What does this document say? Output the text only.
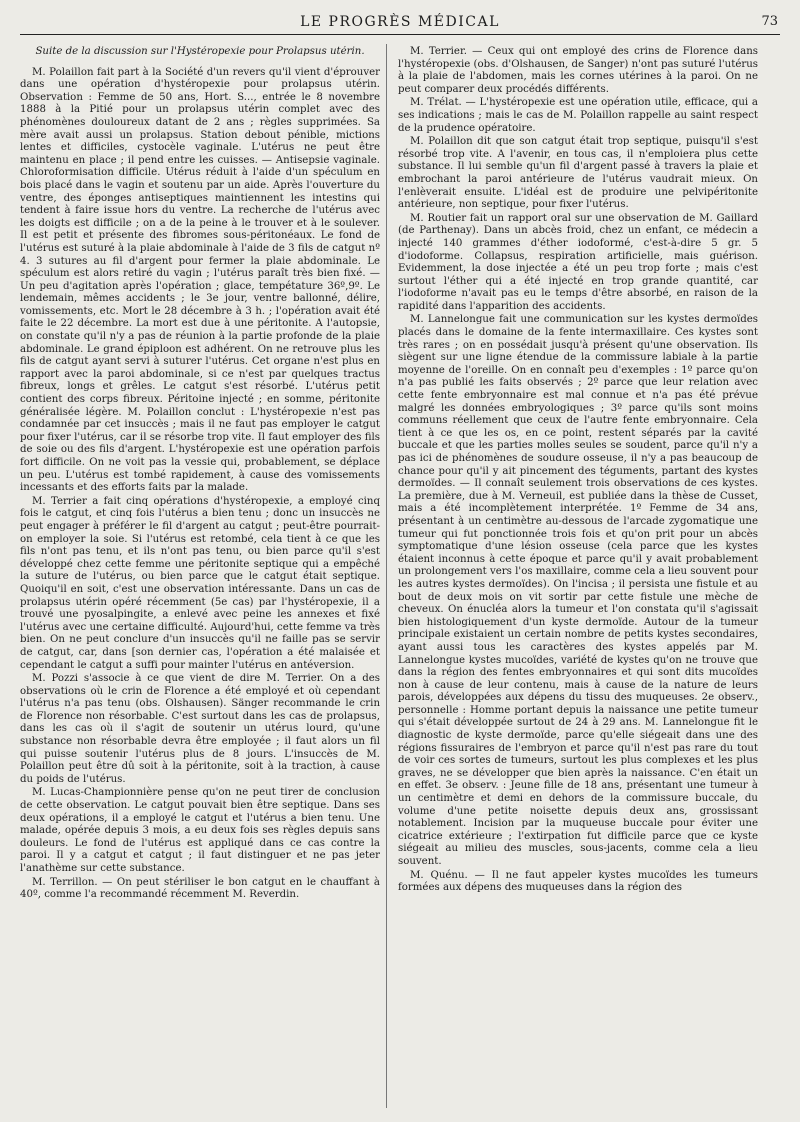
LE PROGRÈS MÉDICAL	73

Suite de la discussion sur l'Hystéropexie pour Prolapsus utérin.

M. Polaillon fait part à la Société d'un revers qu'il vient d'éprouver dans une opération d'hystéropexie pour prolapsus utérin. Observation : Femme de 50 ans, Hort. S..., entrée le 8 novembre 1888 à la Pitié pour un prolapsus utérin complet avec des phénomènes douloureux datant de 2 ans ; règles supprimées. Sa mère avait aussi un prolapsus. Station debout pénible, mictions lentes et difficiles, cystocèle vaginale. L'utérus ne peut être maintenu en place ; il pend entre les cuisses. — Antisepsie vaginale. Chloroformisation difficile. Utérus réduit à l'aide d'un spéculum en bois placé dans le vagin et soutenu par un aide. Après l'ouverture du ventre, des éponges antiseptiques maintiennent les intestins qui tendent à faire issue hors du ventre. La recherche de l'utérus avec les doigts est difficile ; on a de la peine à le trouver et à le soulever. Il est petit et présente des fibromes sous-péritonéaux. Le fond de l'utérus est suturé à la plaie abdominale à l'aide de 3 fils de catgut nº 4. 3 sutures au fil d'argent pour fermer la plaie abdominale. Le spéculum est alors retiré du vagin ; l'utérus paraît très bien fixé. — Un peu d'agitation après l'opération ; glace, tempétature 36º,9º. Le lendemain, mêmes accidents ; le 3e jour, ventre ballonné, délire, vomissements, etc. Mort le 28 décembre à 3 h. ; l'opération avait été faite le 22 décembre. La mort est due à une péritonite. A l'autopsie, on constate qu'il n'y a pas de réunion à la partie profonde de la plaie abdominale. Le grand épiploon est adhérent. On ne retrouve plus les fils de catgut ayant servi à suturer l'utérus. Cet organe n'est plus en rapport avec la paroi abdominale, si ce n'est par quelques tractus fibreux, longs et grêles. Le catgut s'est résorbé. L'utérus petit contient des corps fibreux. Péritoine injecté ; en somme, péritonite généralisée légère. M. Polaillon conclut : L'hystéropexie n'est pas condamnée par cet insuccès ; mais il ne faut pas employer le catgut pour fixer l'utérus, car il se résorbe trop vite. Il faut employer des fils de soie ou des fils d'argent. L'hystéropexie est une opération parfois fort difficile. On ne voit pas la vessie qui, probablement, se déplace un peu. L'utérus est tombé rapidement, à cause des vomissements incessants et des efforts faits par la malade.

M. Terrier a fait cinq opérations d'hystéropexie, a employé cinq fois le catgut, et cinq fois l'utérus a bien tenu ; donc un insuccès ne peut engager à préférer le fil d'argent au catgut ; peut-être pourrait-on employer la soie. Si l'utérus est retombé, cela tient à ce que les fils n'ont pas tenu, et ils n'ont pas tenu, ou bien parce qu'il s'est développé chez cette femme une péritonite septique qui a empêché la suture de l'utérus, ou bien parce que le catgut était septique. Quoiqu'il en soit, c'est une observation intéressante. Dans un cas de prolapsus utérin opéré récemment (5e cas) par l'hystéropexie, il a trouvé une pyosalpingite, a enlevé avec peine les annexes et fixé l'utérus avec une certaine difficulté. Aujourd'hui, cette femme va très bien. On ne peut conclure d'un insuccès qu'il ne faille pas se servir de catgut, car, dans [son dernier cas, l'opération a été malaisée et cependant le catgut a suffi pour mainter l'utérus en antéversion.

M. Pozzi s'associe à ce que vient de dire M. Terrier. On a des observations où le crin de Florence a été employé et où cependant l'utérus n'a pas tenu (obs. Olshausen). Sänger recommande le crin de Florence non résorbable. C'est surtout dans les cas de prolapsus, dans les cas où il s'agit de soutenir un utérus lourd, qu'une substance non résorbable devra être employée ; il faut alors un fil qui puisse soutenir l'utérus plus de 8 jours. L'insuccès de M. Polaillon peut être dû soit à la péritonite, soit à la traction, à cause du poids de l'utérus.

M. Lucas-Championnière pense qu'on ne peut tirer de conclusion de cette observation. Le catgut pouvait bien être septique. Dans ses deux opérations, il a employé le catgut et l'utérus a bien tenu. Une malade, opérée depuis 3 mois, a eu deux fois ses règles depuis sans douleurs. Le fond de l'utérus est appliqué dans ce cas contre la paroi. Il y a catgut et catgut ; il faut distinguer et ne pas jeter l'anathème sur cette substance.

M. Terrillon. — On peut stériliser le bon catgut en le chauffant à 40º, comme l'a recommandé récemment M. Reverdin.

M. Terrier. — Ceux qui ont employé des crins de Florence dans l'hystéropexie (obs. d'Olshausen, de Sanger) n'ont pas suturé l'utérus à la plaie de l'abdomen, mais les cornes utérines à la paroi. On ne peut comparer deux procédés différents.

M. Trélat. — L'hystéropexie est une opération utile, efficace, qui a ses indications ; mais le cas de M. Polaillon rappelle au saint respect de la prudence opératoire.

M. Polaillon dit que son catgut était trop septique, puisqu'il s'est résorbé trop vite. A l'avenir, en tous cas, il n'emploiera plus cette substance. Il lui semble qu'un fil d'argent passé à travers la plaie et embrochant la paroi antérieure de l'utérus vaudrait mieux. On l'enlèverait ensuite. L'idéal est de produire une pelvipéritonite antérieure, non septique, pour fixer l'utérus.

M. Routier fait un rapport oral sur une observation de M. Gaillard (de Parthenay). Dans un abcès froid, chez un enfant, ce médecin a injecté 140 grammes d'éther iodoformé, c'est-à-dire 5 gr. 5 d'iodoforme. Collapsus, respiration artificielle, mais guérison. Evidemment, la dose injectée a été un peu trop forte ; mais c'est surtout l'éther qui a été injecté en trop grande quantité, car l'iodoforme n'avait pas eu le temps d'être absorbé, en raison de la rapidité dans l'apparition des accidents.

M. Lannelongue fait une communication sur les kystes dermoïdes placés dans le domaine de la fente intermaxillaire. Ces kystes sont très rares ; on en possédait jusqu'à présent qu'une observation. Ils siègent sur une ligne étendue de la commissure labiale à la partie moyenne de l'oreille. On en connaît peu d'exemples : 1º parce qu'on n'a pas publié les faits observés ; 2º parce que leur relation avec cette fente embryonnaire est mal connue et n'a pas été prévue malgré les données embryologiques ; 3º parce qu'ils sont moins communs réellement que ceux de l'autre fente embryonnaire. Cela tient à ce que les os, en ce point, restent séparés par la cavité buccale et que les parties molles seules se soudent, parce qu'il n'y a pas ici de phénomènes de soudure osseuse, il n'y a pas beaucoup de chance pour qu'il y ait pincement des téguments, partant des kystes dermoïdes. — Il connaît seulement trois observations de ces kystes. La première, due à M. Verneuil, est publiée dans la thèse de Cusset, mais a été incomplètement interprétée. 1º Femme de 34 ans, présentant à un centimètre au-dessous de l'arcade zygomatique une tumeur qui fut ponctionnée trois fois et qu'on prit pour un abcès symptomatique d'une lésion osseuse (cela parce que les kystes étaient inconnus à cette époque et parce qu'il y avait probablement un prolongement vers l'os maxillaire, comme cela a lieu souvent pour les autres kystes dermoïdes). On l'incisa ; il persista une fistule et au bout de deux mois on vit sortir par cette fistule une mèche de cheveux. On énucléa alors la tumeur et l'on constata qu'il s'agissait bien histologiquement d'un kyste dermoïde. Autour de la tumeur principale existaient un certain nombre de petits kystes secondaires, ayant aussi tous les caractères des kystes appelés par M. Lannelongue kystes mucoïdes, variété de kystes qu'on ne trouve que dans la région des fentes embryonnaires et qui sont dits mucoïdes non à cause de leur contenu, mais à cause de la nature de leurs parois, développées aux dépens du tissu des muqueuses. 2e observ., personnelle : Homme portant depuis la naissance une petite tumeur qui s'était développée surtout de 24 à 29 ans. M. Lannelongue fit le diagnostic de kyste dermoïde, parce qu'elle siégeait dans une des régions fissuraires de l'embryon et parce qu'il n'est pas rare du tout de voir ces sortes de tumeurs, surtout les plus complexes et les plus graves, ne se développer que bien après la naissance. C'en était un en effet. 3e observ. : Jeune fille de 18 ans, présentant une tumeur à un centimètre et demi en dehors de la commissure buccale, du volume d'une petite noisette depuis deux ans, grossissant notablement. Incision par la muqueuse buccale pour éviter une cicatrice extérieure ; l'extirpation fut difficile parce que ce kyste siégeait au milieu des muscles, sous-jacents, comme cela a lieu souvent.

M. Quénu. — Il ne faut appeler kystes mucoïdes les tumeurs formées aux dépens des muqueuses dans la région des
